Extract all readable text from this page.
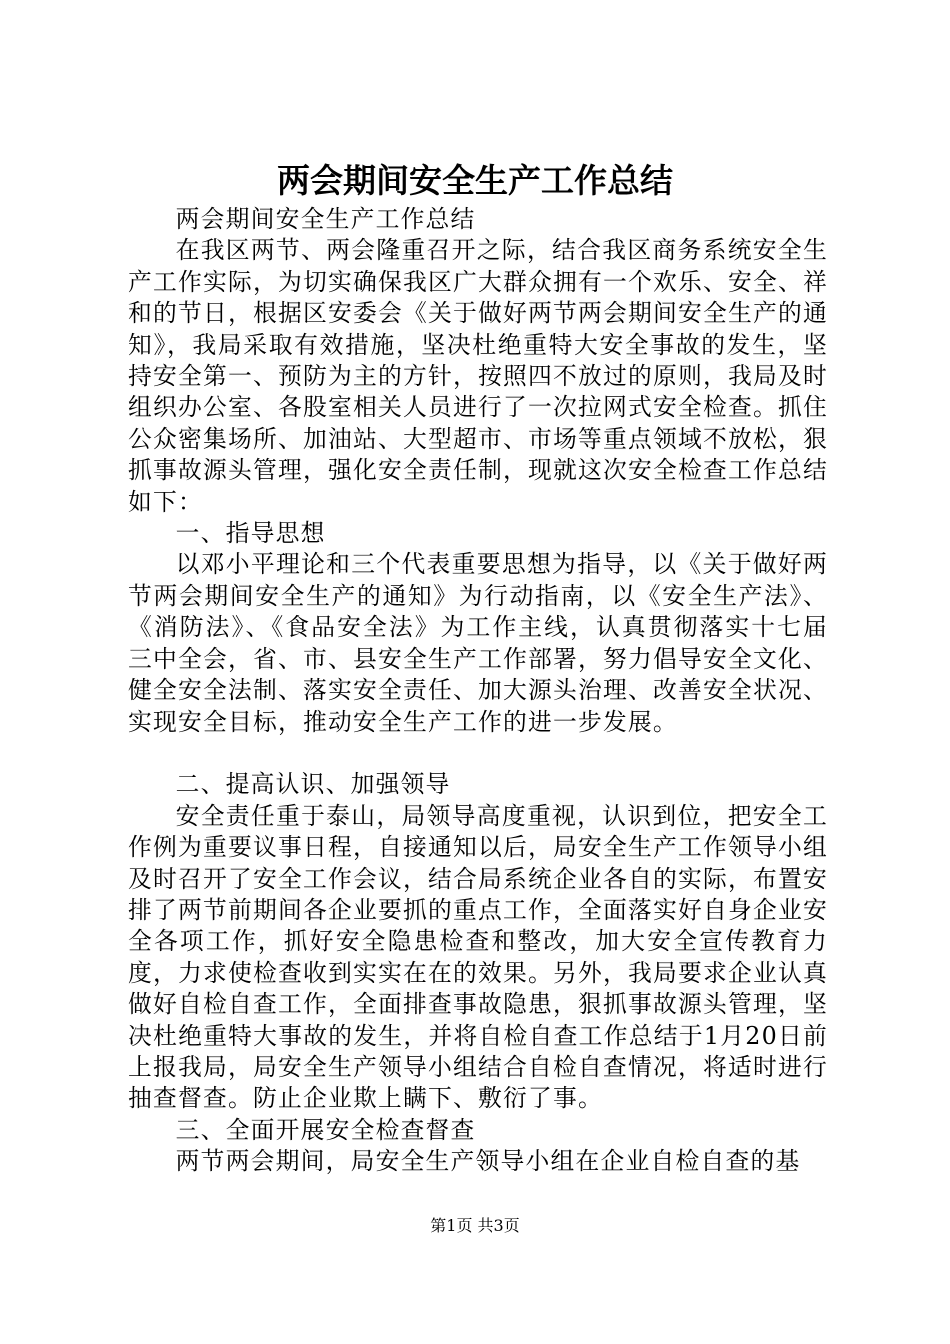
两会期间安全生产工作总结

两会期间安全生产工作总结

在我区两节、两会隆重召开之际，结合我区商务系统安全生产工作实际，为切实确保我区广大群众拥有一个欢乐、安全、祥和的节日，根据区安委会《关于做好两节两会期间安全生产的通知》，我局采取有效措施，坚决杜绝重特大安全事故的发生，坚持安全第一、预防为主的方针，按照四不放过的原则，我局及时组织办公室、各股室相关人员进行了一次拉网式安全检查。抓住公众密集场所、加油站、大型超市、市场等重点领域不放松，狠抓事故源头管理，强化安全责任制，现就这次安全检查工作总结如下：

一、指导思想

以邓小平理论和三个代表重要思想为指导，以《关于做好两节两会期间安全生产的通知》为行动指南，以《安全生产法》、《消防法》、《食品安全法》为工作主线，认真贯彻落实十七届三中全会，省、市、县安全生产工作部署，努力倡导安全文化、健全安全法制、落实安全责任、加大源头治理、改善安全状况、实现安全目标，推动安全生产工作的进一步发展。

二、提高认识、加强领导

安全责任重于泰山，局领导高度重视，认识到位，把安全工作例为重要议事日程，自接通知以后，局安全生产工作领导小组及时召开了安全工作会议，结合局系统企业各自的实际，布置安排了两节前期间各企业要抓的重点工作，全面落实好自身企业安全各项工作，抓好安全隐患检查和整改，加大安全宣传教育力度，力求使检查收到实实在在的效果。另外，我局要求企业认真做好自检自查工作，全面排查事故隐患，狠抓事故源头管理，坚决杜绝重特大事故的发生，并将自检自查工作总结于1月20日前上报我局，局安全生产领导小组结合自检自查情况，将适时进行抽查督查。防止企业欺上瞒下、敷衍了事。

三、全面开展安全检查督查

两节两会期间，局安全生产领导小组在企业自检自查的基

第1页 共3页
